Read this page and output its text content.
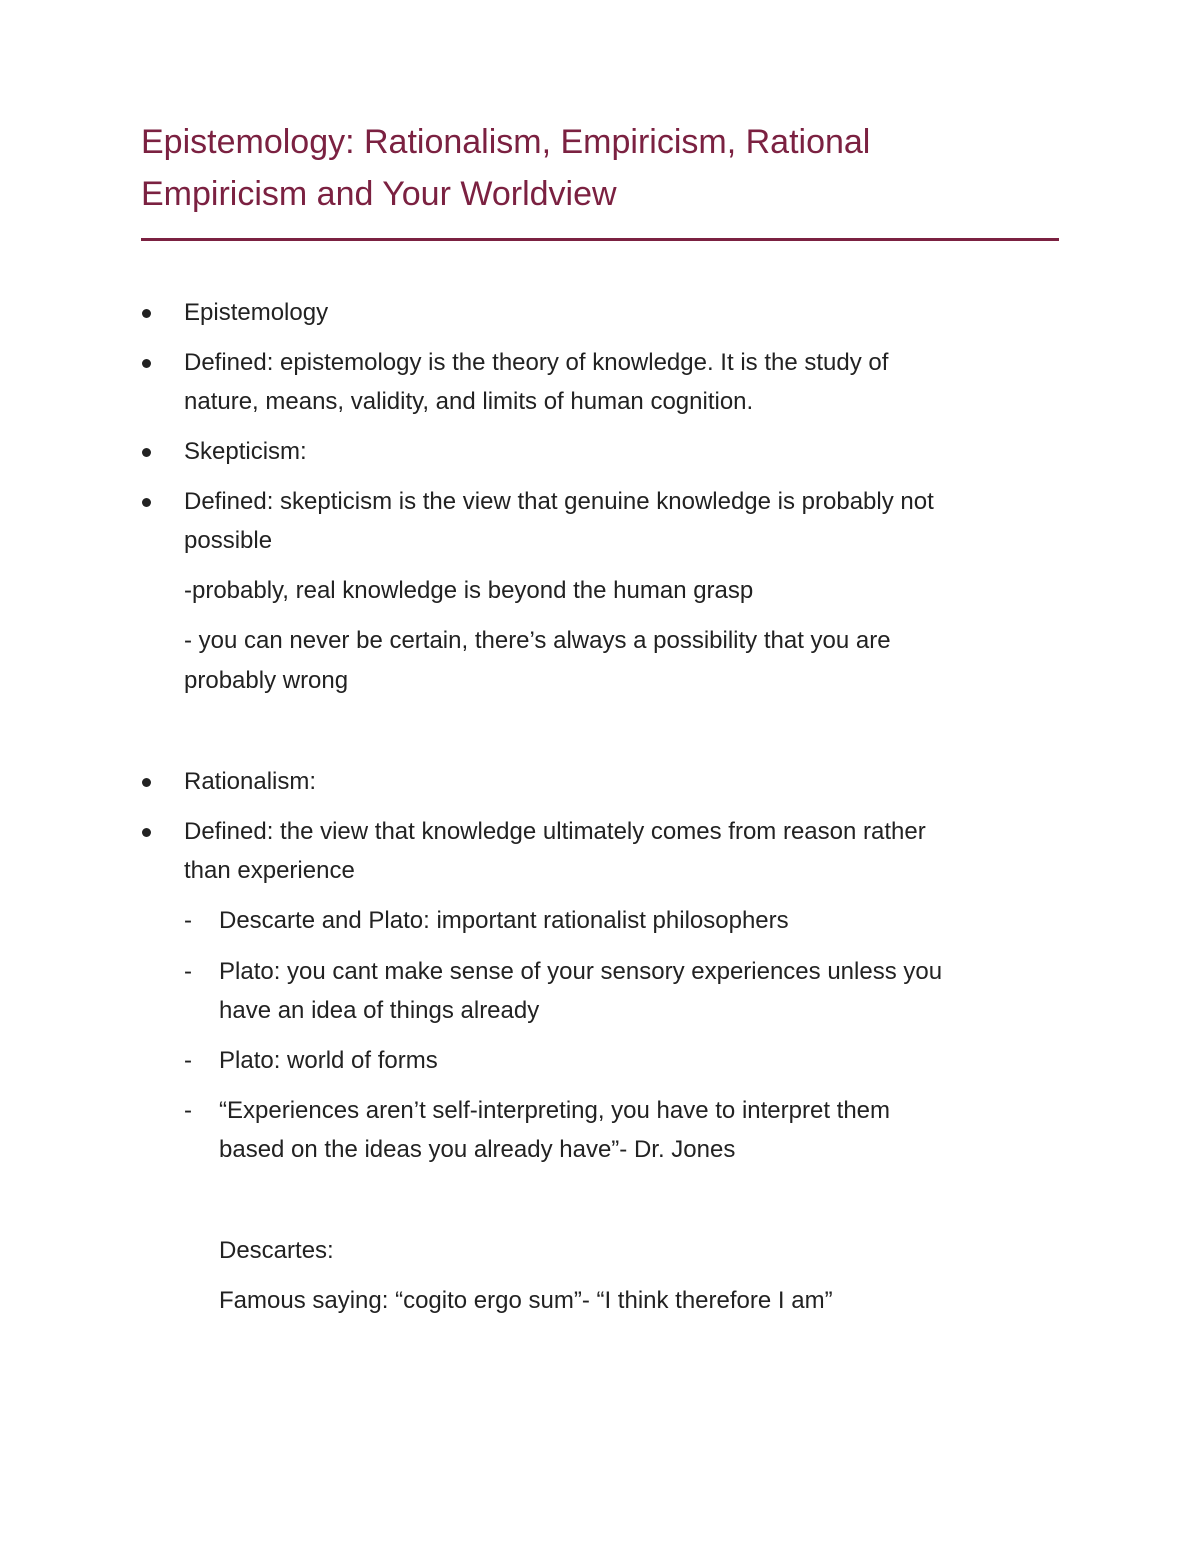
Epistemology: Rationalism, Empiricism, Rational
Empiricism and Your Worldview
Epistemology
Defined: epistemology is the theory of knowledge. It is the study of
nature, means, validity, and limits of human cognition.
Skepticism:
Defined: skepticism is the view that genuine knowledge is probably not
possible
-probably, real knowledge is beyond the human grasp
- you can never be certain, there’s always a possibility that you are
probably wrong
Rationalism:
Defined: the view that knowledge ultimately comes from reason rather
than experience
- Descarte and Plato: important rationalist philosophers
- Plato: you cant make sense of your sensory experiences unless you
have an idea of things already
- Plato: world of forms
- “Experiences aren’t self-interpreting, you have to interpret them
based on the ideas you already have”- Dr. Jones
Descartes:
Famous saying: “cogito ergo sum”- “I think therefore I am”
